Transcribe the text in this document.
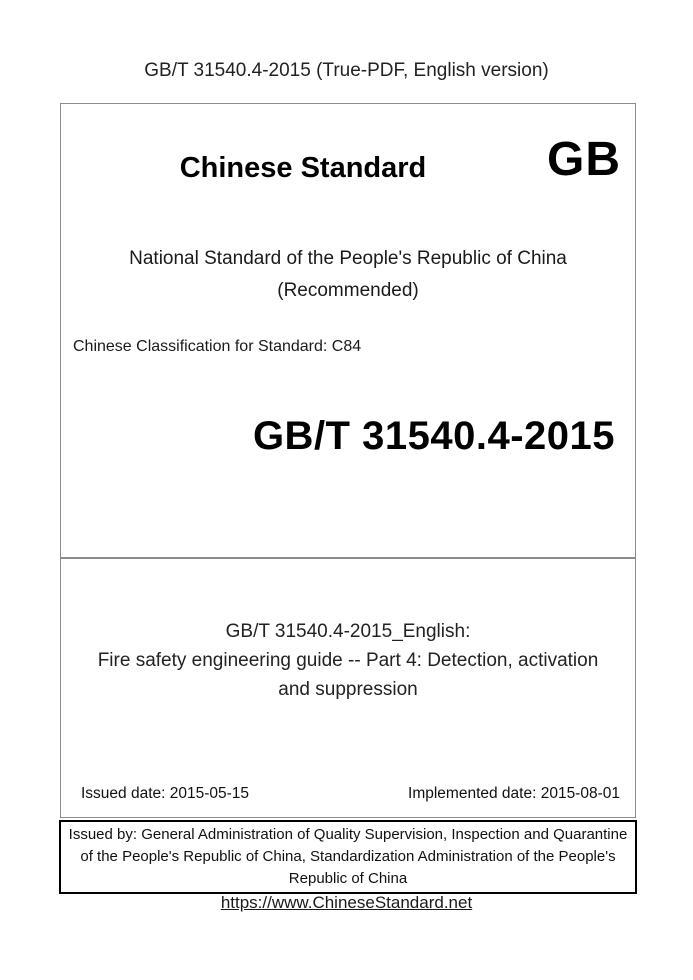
GB/T 31540.4-2015 (True-PDF, English version)
Chinese Standard	GB
National Standard of the People's Republic of China
(Recommended)
Chinese Classification for Standard: C84
GB/T 31540.4-2015
GB/T 31540.4-2015_English:
Fire safety engineering guide -- Part 4: Detection, activation
and suppression
Issued date: 2015-05-15	Implemented date: 2015-08-01
Issued by: General Administration of Quality Supervision, Inspection and Quarantine of the People's Republic of China, Standardization Administration of the People's Republic of China
https://www.ChineseStandard.net
